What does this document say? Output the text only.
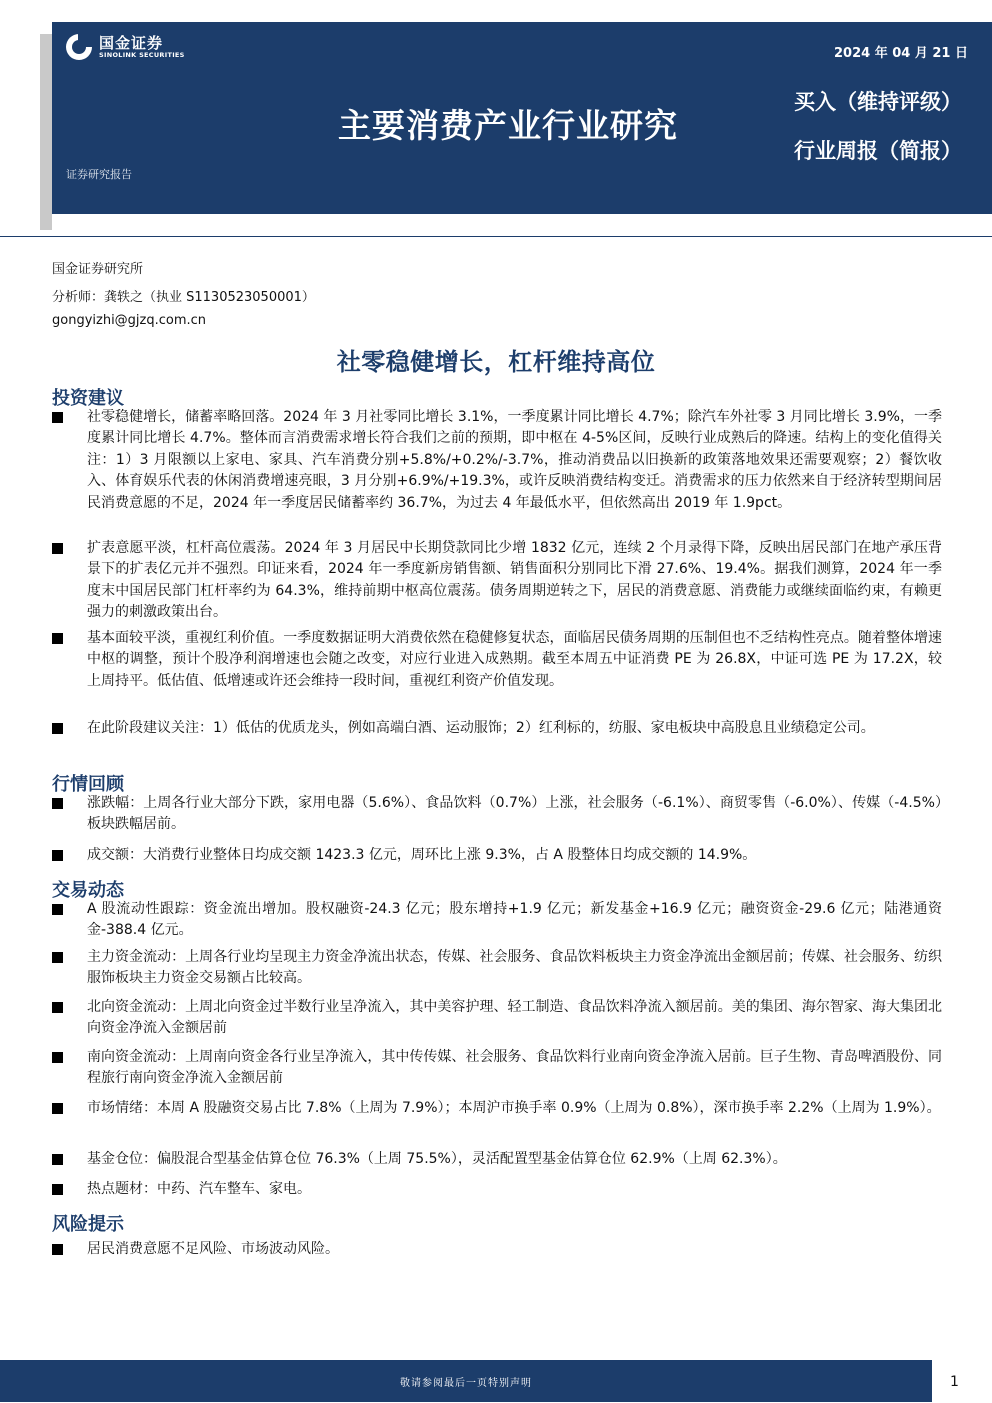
国金证券
SINOLINK SECURITIES	2024 年 04 月 21 日
主要消费产业行业研究
买入（维持评级）
行业周报（简报）
证券研究报告
国金证券研究所
分析师：龚轶之（执业 S1130523050001）
gongyizhi@gjzq.com.cn
社零稳健增长，杠杆维持高位
投资建议
社零稳健增长，储蓄率略回落。2024 年 3 月社零同比增长 3.1%，一季度累计同比增长 4.7%；除汽车外社零 3 月同比增长 3.9%，一季度累计同比增长 4.7%。整体而言消费需求增长符合我们之前的预期，即中枢在 4-5%区间，反映行业成熟后的降速。结构上的变化值得关注：1）3 月限额以上家电、家具、汽车消费分别+5.8%/+0.2%/-3.7%，推动消费品以旧换新的政策落地效果还需要观察；2）餐饮收入、体育娱乐代表的休闲消费增速亮眼，3 月分别+6.9%/+19.3%，或许反映消费结构变迁。消费需求的压力依然来自于经济转型期间居民消费意愿的不足，2024 年一季度居民储蓄率约 36.7%，为过去 4 年最低水平，但依然高出 2019 年 1.9pct。
扩表意愿平淡，杠杆高位震荡。2024 年 3 月居民中长期贷款同比少增 1832 亿元，连续 2 个月录得下降，反映出居民部门在地产承压背景下的扩表亿元并不强烈。印证来看，2024 年一季度新房销售额、销售面积分别同比下滑 27.6%、19.4%。据我们测算，2024 年一季度末中国居民部门杠杆率约为 64.3%，维持前期中枢高位震荡。债务周期逆转之下，居民的消费意愿、消费能力或继续面临约束，有赖更强力的刺激政策出台。
基本面较平淡，重视红利价值。一季度数据证明大消费依然在稳健修复状态，面临居民债务周期的压制但也不乏结构性亮点。随着整体增速中枢的调整，预计个股净利润增速也会随之改变，对应行业进入成熟期。截至本周五中证消费 PE 为 26.8X，中证可选 PE 为 17.2X，较上周持平。低估值、低增速或许还会维持一段时间，重视红利资产价值发现。
在此阶段建议关注：1）低估的优质龙头，例如高端白酒、运动服饰；2）红利标的，纺服、家电板块中高股息且业绩稳定公司。
行情回顾
涨跌幅：上周各行业大部分下跌，家用电器（5.6%）、食品饮料（0.7%）上涨，社会服务（-6.1%）、商贸零售（-6.0%）、传媒（-4.5%）板块跌幅居前。
成交额：大消费行业整体日均成交额 1423.3 亿元，周环比上涨 9.3%，占 A 股整体日均成交额的 14.9%。
交易动态
A 股流动性跟踪：资金流出增加。股权融资-24.3 亿元；股东增持+1.9 亿元；新发基金+16.9 亿元；融资资金-29.6 亿元；陆港通资金-388.4 亿元。
主力资金流动：上周各行业均呈现主力资金净流出状态，传媒、社会服务、食品饮料板块主力资金净流出金额居前；传媒、社会服务、纺织服饰板块主力资金交易额占比较高。
北向资金流动：上周北向资金过半数行业呈净流入，其中美容护理、轻工制造、食品饮料净流入额居前。美的集团、海尔智家、海大集团北向资金净流入金额居前
南向资金流动：上周南向资金各行业呈净流入，其中传传媒、社会服务、食品饮料行业南向资金净流入居前。巨子生物、青岛啤酒股份、同程旅行南向资金净流入金额居前
市场情绪：本周 A 股融资交易占比 7.8%（上周为 7.9%）；本周沪市换手率 0.9%（上周为 0.8%），深市换手率 2.2%（上周为 1.9%）。
基金仓位：偏股混合型基金估算仓位 76.3%（上周 75.5%），灵活配置型基金估算仓位 62.9%（上周 62.3%）。
热点题材：中药、汽车整车、家电。
风险提示
居民消费意愿不足风险、市场波动风险。
敬请参阅最后一页特别声明	1
